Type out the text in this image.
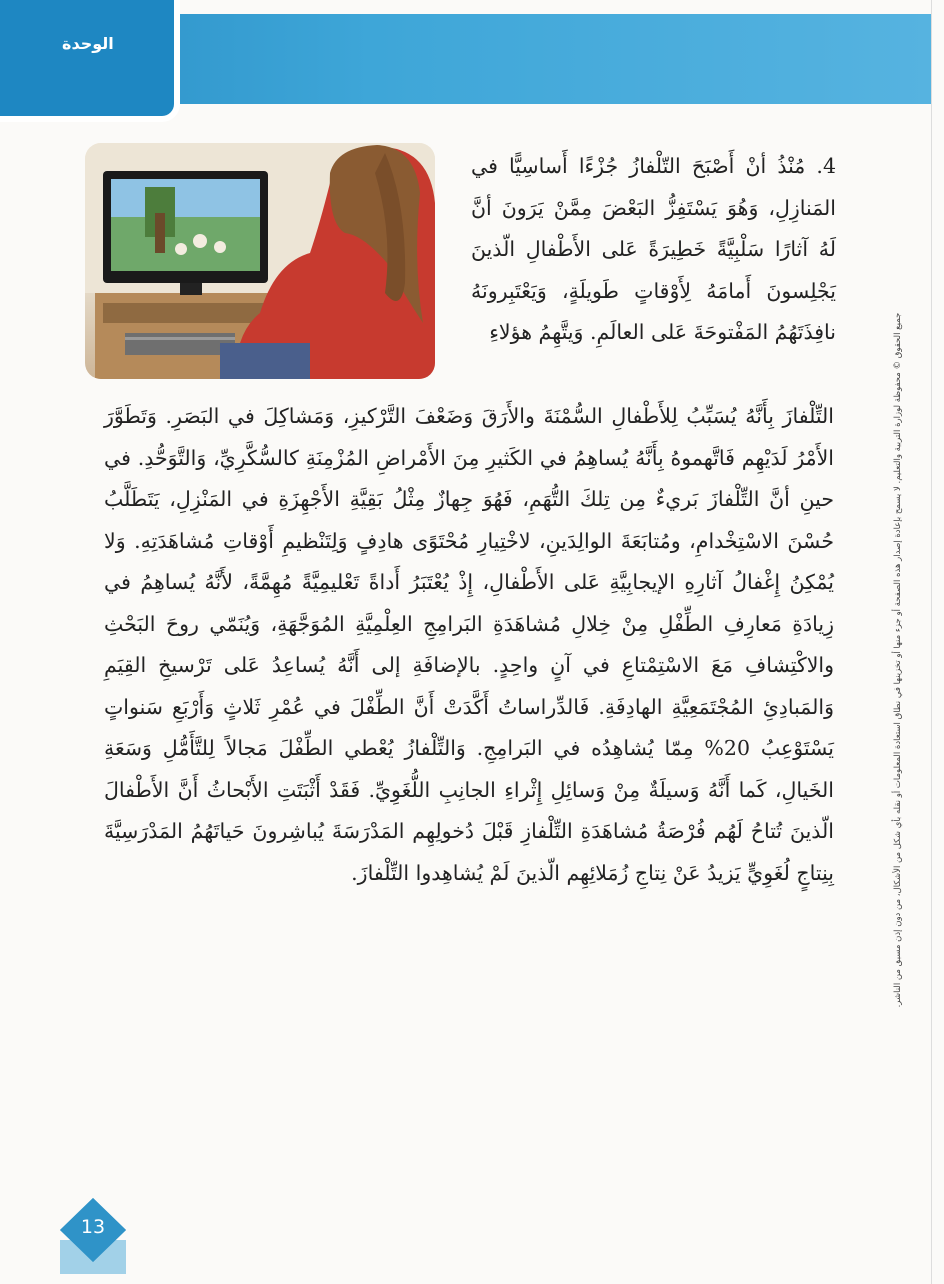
الوحدة

4. مُنْذُ أنْ أَصْبَحَ التّلْفازُ جُزْءًا أَساسِيًّا في المَنازِلِ، وَهُوَ يَسْتَفِزُّ البَعْضَ مِمَّنْ يَرَونَ أنَّ لَهُ آثارًا سَلْبِيَّةً خَطِيرَةً عَلى الأَطْفالِ الّذينَ يَجْلِسونَ أَمامَهُ لِأَوْقاتٍ طَويلَةٍ، وَيَعْتَبِرونَهُ نافِذَتَهُمُ المَفْتوحَةَ عَلى العالَمِ. وَيتَّهِمُ هؤلاءِ

التِّلْفازَ بِأَنَّهُ يُسَبِّبُ لِلأَطْفالِ السُّمْنَةَ والأَرَقَ وَضَعْفَ التَّرْكيزِ، وَمَشاكِلَ في البَصَرِ. وَتَطَوَّرَ الأَمْرُ لَدَيْهِم فَاتَّهموهُ بِأَنَّهُ يُساهِمُ في الكَثيرِ مِنَ الأَمْراضِ المُزْمِنَةِ كالسُّكَّرِيِّ، وَالتَّوَحُّدِ. في حينِ أنَّ التِّلْفازَ بَريءٌ مِن تِلكَ التُّهَمِ، فَهُوَ جِهازٌ مِثْلُ بَقِيَّةِ الأَجْهِزَةِ في المَنْزِلِ، يَتَطَلَّبُ حُسْنَ الاسْتِخْدامِ، ومُتابَعَةَ الوالِدَينِ، لاخْتِيارِ مُحْتَوًى هادِفٍ وَلِتَنْظيمِ أَوْقاتِ مُشاهَدَتِهِ. وَلا يُمْكِنُ إِغْفالُ آثارِهِ الإيجابِيَّةِ عَلى الأَطْفالِ، إِذْ يُعْتَبَرُ أَداةً تَعْليمِيَّةً مُهِمَّةً، لأَنَّهُ يُساهِمُ في زِيادَةِ مَعارِفِ الطِّفْلِ مِنْ خِلالِ مُشاهَدَةِ البَرامِجِ العِلْمِيَّةِ المُوَجَّهَةِ، وَيُنَمّي روحَ البَحْثِ والاكْتِشافِ مَعَ الاسْتِمْتاعِ في آنٍ واحِدٍ. بالإضافَةِ إلى أَنَّهُ يُساعِدُ عَلى تَرْسيخِ القِيَمِ وَالمَبادِئِ المُجْتَمَعِيَّةِ الهادِفَةِ. فَالدِّراساتُ أَكَّدَتْ أَنَّ الطِّفْلَ في عُمْرِ ثَلاثٍ وَأَرْبَعِ سَنواتٍ يَسْتَوْعِبُ 20% مِمّا يُشاهِدُه في البَرامِجِ. وَالتِّلْفازُ يُعْطي الطِّفْلَ مَجالاً لِلتَّأَمُّلِ وَسَعَةِ الخَيالِ، كَما أَنَّهُ وَسيلَةٌ مِنْ وَسائِلِ إِثْراءِ الجانِبِ اللُّغَوِيِّ. فَقَدْ أَثْبَتَتِ الأَبْحاثُ أَنَّ الأَطْفالَ الّذينَ تُتاحُ لَهُم فُرْصَةُ مُشاهَدَةِ التِّلْفازِ قَبْلَ دُخولِهِم المَدْرَسَةَ يُباشِرونَ حَياتَهُمُ المَدْرَسِيَّةَ بِنِتاجٍ لُغَوِيٍّ يَزيدُ عَنْ نِتاجِ زُمَلائِهِم الّذينَ لَمْ يُشاهِدوا التِّلْفازَ.	جميع الحقوق © محفوظة لوزارة التربية والتعليم. لا يسمح بإعادة إصدار هذه الصفحة أو جزء منها أو تخزينها في نطاق استعادة المعلومات أو نقله بأي شكل من الأشكال، من دون إذن مسبق من الناشر.
13
